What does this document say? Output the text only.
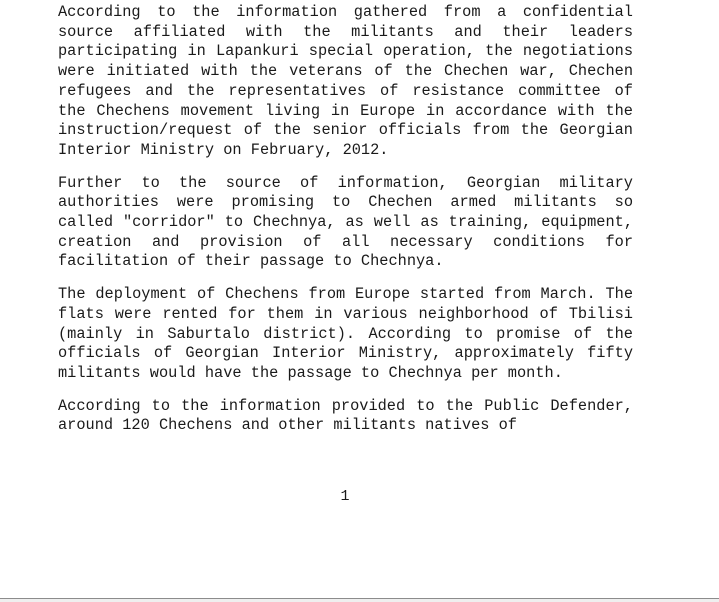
According to the information gathered from a confidential source affiliated with the militants and their leaders participating in Lapankuri special operation, the negotiations were initiated with the veterans of the Chechen war, Chechen refugees and the representatives of resistance committee of the Chechens movement living in Europe in accordance with the instruction/request of the senior officials from the Georgian Interior Ministry on February, 2012.

Further to the source of information, Georgian military authorities were promising to Chechen armed militants so called "corridor" to Chechnya, as well as training, equipment, creation and provision of all necessary conditions for facilitation of their passage to Chechnya.

The deployment of Chechens from Europe started from March. The flats were rented for them in various neighborhood of Tbilisi (mainly in Saburtalo district). According to promise of the officials of Georgian Interior Ministry, approximately fifty militants would have the passage to Chechnya per month.

According to the information provided to the Public Defender, around 120 Chechens and other militants natives of

1
